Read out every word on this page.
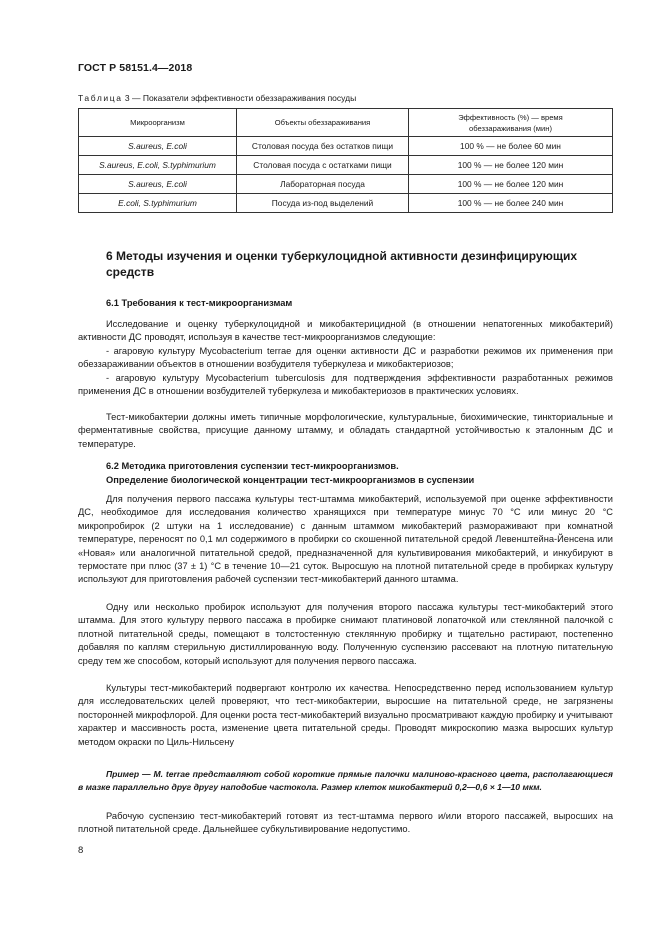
ГОСТ Р 58151.4—2018
Таблица 3 — Показатели эффективности обеззараживания посуды
Микроорганизм	Объекты обеззараживания	Эффективность (%) — время обеззараживания (мин)
S.aureus, E.coli	Столовая посуда без остатков пищи	100 % — не более 60 мин
S.aureus, E.coli, S.typhimurium	Столовая посуда с остатками пищи	100 % — не более 120 мин
S.aureus, E.coli	Лабораторная посуда	100 % — не более 120 мин
E.coli, S.typhimurium	Посуда из-под выделений	100 % — не более 240 мин
6 Методы изучения и оценки туберкулоцидной активности дезинфицирующих средств
6.1 Требования к тест-микроорганизмам

Исследование и оценку туберкулоцидной и микобактерицидной (в отношении непатогенных микобактерий) активности ДС проводят, используя в качестве тест-микроорганизмов следующие:

- агаровую культуру Mycobacterium terrae для оценки активности ДС и разработки режимов их применения при обеззараживании объектов в отношении возбудителя туберкулеза и микобактериозов;

- агаровую культуру Mycobacterium tuberculosis для подтверждения эффективности разработанных режимов применения ДС в отношении возбудителей туберкулеза и микобактериозов в практических условиях.

Тест-микобактерии должны иметь типичные морфологические, культуральные, биохимические, тинкториальные и ферментативные свойства, присущие данному штамму, и обладать стандартной устойчивостью к эталонным ДС и температуре.

6.2 Методика приготовления суспензии тест-микроорганизмов.
Определение биологической концентрации тест-микроорганизмов в суспензии

Для получения первого пассажа культуры тест-штамма микобактерий, используемой при оценке эффективности ДС, необходимое для исследования количество хранящихся при температуре минус 70 °С или минус 20 °С микропробирок (2 штуки на 1 исследование) с данным штаммом микобактерий размораживают при комнатной температуре, переносят по 0,1 мл содержимого в пробирки со скошенной питательной средой Левенштейна-Йенсена или «Новая» или аналогичной питательной средой, предназначенной для культивирования микобактерий, и инкубируют в термостате при плюс (37 ± 1) °С в течение 10—21 суток. Выросшую на плотной питательной среде в пробирках культуру используют для приготовления рабочей суспензии тест-микобактерий данного штамма.

Одну или несколько пробирок используют для получения второго пассажа культуры тест-микобактерий этого штамма. Для этого культуру первого пассажа в пробирке снимают платиновой лопаточкой или стеклянной палочкой с плотной питательной среды, помещают в толстостенную стеклянную пробирку и тщательно растирают, постепенно добавляя по каплям стерильную дистиллированную воду. Полученную суспензию рассевают на плотную питательную среду тем же способом, который используют для получения первого пассажа.

Культуры тест-микобактерий подвергают контролю их качества. Непосредственно перед использованием культур для исследовательских целей проверяют, что тест-микобактерии, выросшие на питательной среде, не загрязнены посторонней микрофлорой. Для оценки роста тест-микобактерий визуально просматривают каждую пробирку и учитывают характер и массивность роста, изменение цвета питательной среды. Проводят микроскопию мазка выросших культур методом окраски по Циль-Нильсену

Пример — M. terrae представляют собой короткие прямые палочки малиново-красного цвета, располагающиеся в мазке параллельно друг другу наподобие частокола. Размер клеток микобактерий 0,2—0,6 × 1—10 мкм.

Рабочую суспензию тест-микобактерий готовят из тест-штамма первого и/или второго пассажей, выросших на плотной питательной среде. Дальнейшее субкультивирование недопустимо.

8
